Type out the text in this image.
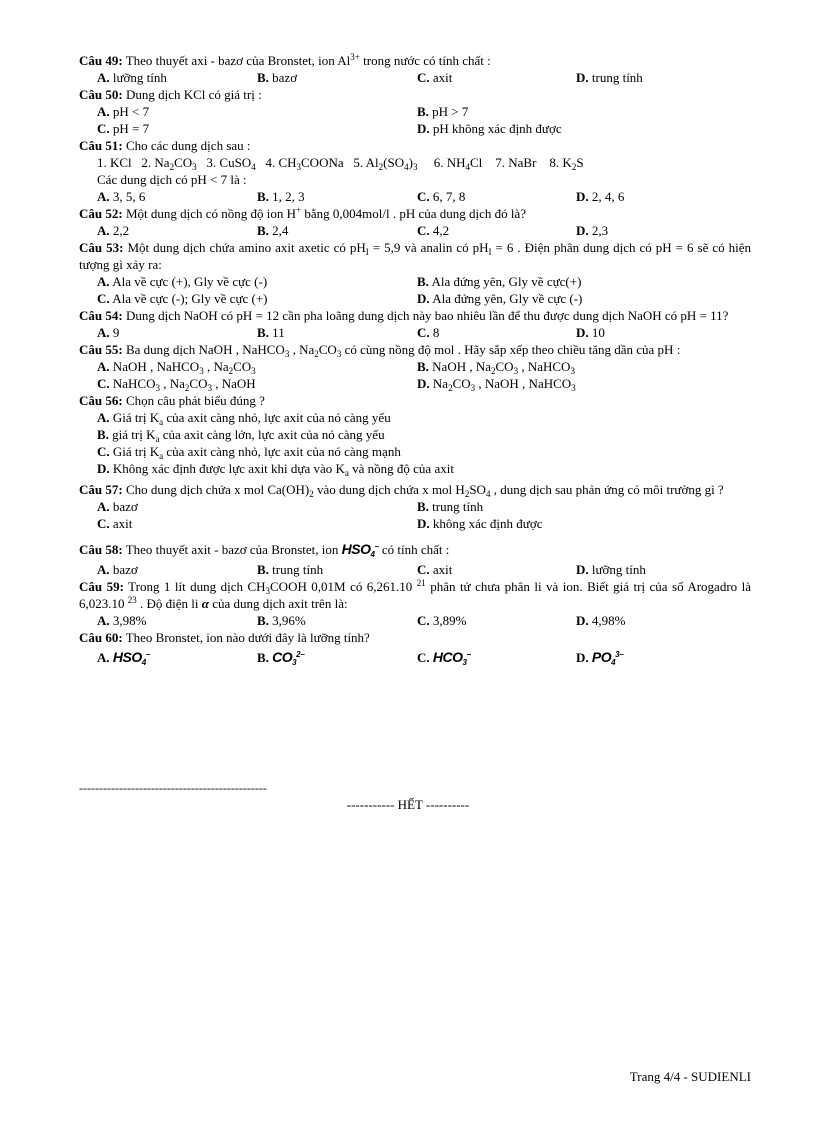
Câu 49: Theo thuyết axi - bazơ của Bronstet, ion $Al^{3+}$ trong nước có tính chất :
A. lưỡng tính	B. bazơ	C. axit	D. trung tính
Câu 50: Dung dịch KCl có giá trị :
A. pH < 7	B. pH > 7
C. pH = 7	D. pH không xác định được
Câu 51: Cho các dung dịch sau :
1. KCl   2. $Na_2CO_3$   3. CuSO$_4$   4. $CH_3COONa$   5. $Al_2(SO_4)_3$     6. $NH_4Cl$    7. NaBr    8. $K_2S$
Các dung dịch có pH < 7 là :
A. 3, 5, 6	B. 1, 2, 3	C. 6, 7, 8	D. 2, 4, 6
Câu 52: Một dung dịch có nồng độ ion H+ bằng 0,004mol/l . pH của dung dịch đó là?
A. 2,2	B. 2,4	C. 4,2	D. 2,3
Câu 53: Một dung dịch chứa amino axit axetic có $pH_I = 5,9$ và analin có $pH_I = 6$ . Điện phân dung dịch có pH = 6 sẽ có hiện tượng gì xảy ra:
A. Ala về cực (+), Gly về cực (-)	B. Ala đứng yên, Gly về cực(+)
C. Ala về cực (-); Gly về cực (+)	D. Ala đứng yên, Gly về cực (-)
Câu 54: Dung dịch NaOH có pH = 12 cần pha loãng dung dịch này bao nhiêu lần để thu được dung dịch NaOH có pH = 11?
A. 9	B. 11	C. 8	D. 10
Câu 55: Ba dung dịch NaOH , NaHCO$_3$ , $Na_2CO_3$ có cùng nồng độ mol . Hãy sắp xếp theo chiều tăng dần của pH :
A. NaOH , NaHCO$_3$ , $Na_2CO_3$	B. NaOH , $Na_2CO_3$ , NaHCO$_3$
C. NaHCO$_3$ , $Na_2CO_3$ , NaOH	D. $Na_2CO_3$ , NaOH , NaHCO$_3$
Câu 56: Chọn câu phát biểu đúng ?
A. Giá trị $K_a$ của axit càng nhỏ, lực axit của nó càng yếu
B. giá trị $K_a$ của axit càng lớn, lực axit của nó càng yếu
C. Giá trị $K_a$ của axit càng nhỏ, lực axit của nó càng mạnh
D. Không xác định được lực axit khi dựa vào $K_a$ và nồng độ của axit
Câu 57: Cho dung dịch chứa x mol $Ca(OH)_2$ vào dung dịch chứa x mol $H_2SO_4$ , dung dịch sau phản ứng có môi trường gì ?
A. bazơ	B. trung tính
C. axit	D. không xác định được
Câu 58: Theo thuyết axit - bazơ của Bronstet, ion $HSO_4^-$ có tính chất :
A. bazơ	B. trung tính	C. axit	D. lưỡng tính
Câu 59: Trong 1 lít dung dịch $CH_3COOH$ 0,01M có 6,261.10 $^{21}$ phân tử chưa phân li và ion. Biết giá trị của số Arogadro là 6,023.10 $^{23}$ . Độ điện li α của dung dịch axit trên là:
A. 3,98%	B. 3,96%	C. 3,89%	D. 4,98%
Câu 60: Theo Bronstet, ion nào dưới đây là lưỡng tính?
A. $HSO_4^-$	B. $CO_3^{2-}$	C. $HCO_3^-$	D. $PO_4^{3-}$
-----------------------------------------------
----------- HẾT ----------
Trang 4/4 - SUDIENLI
